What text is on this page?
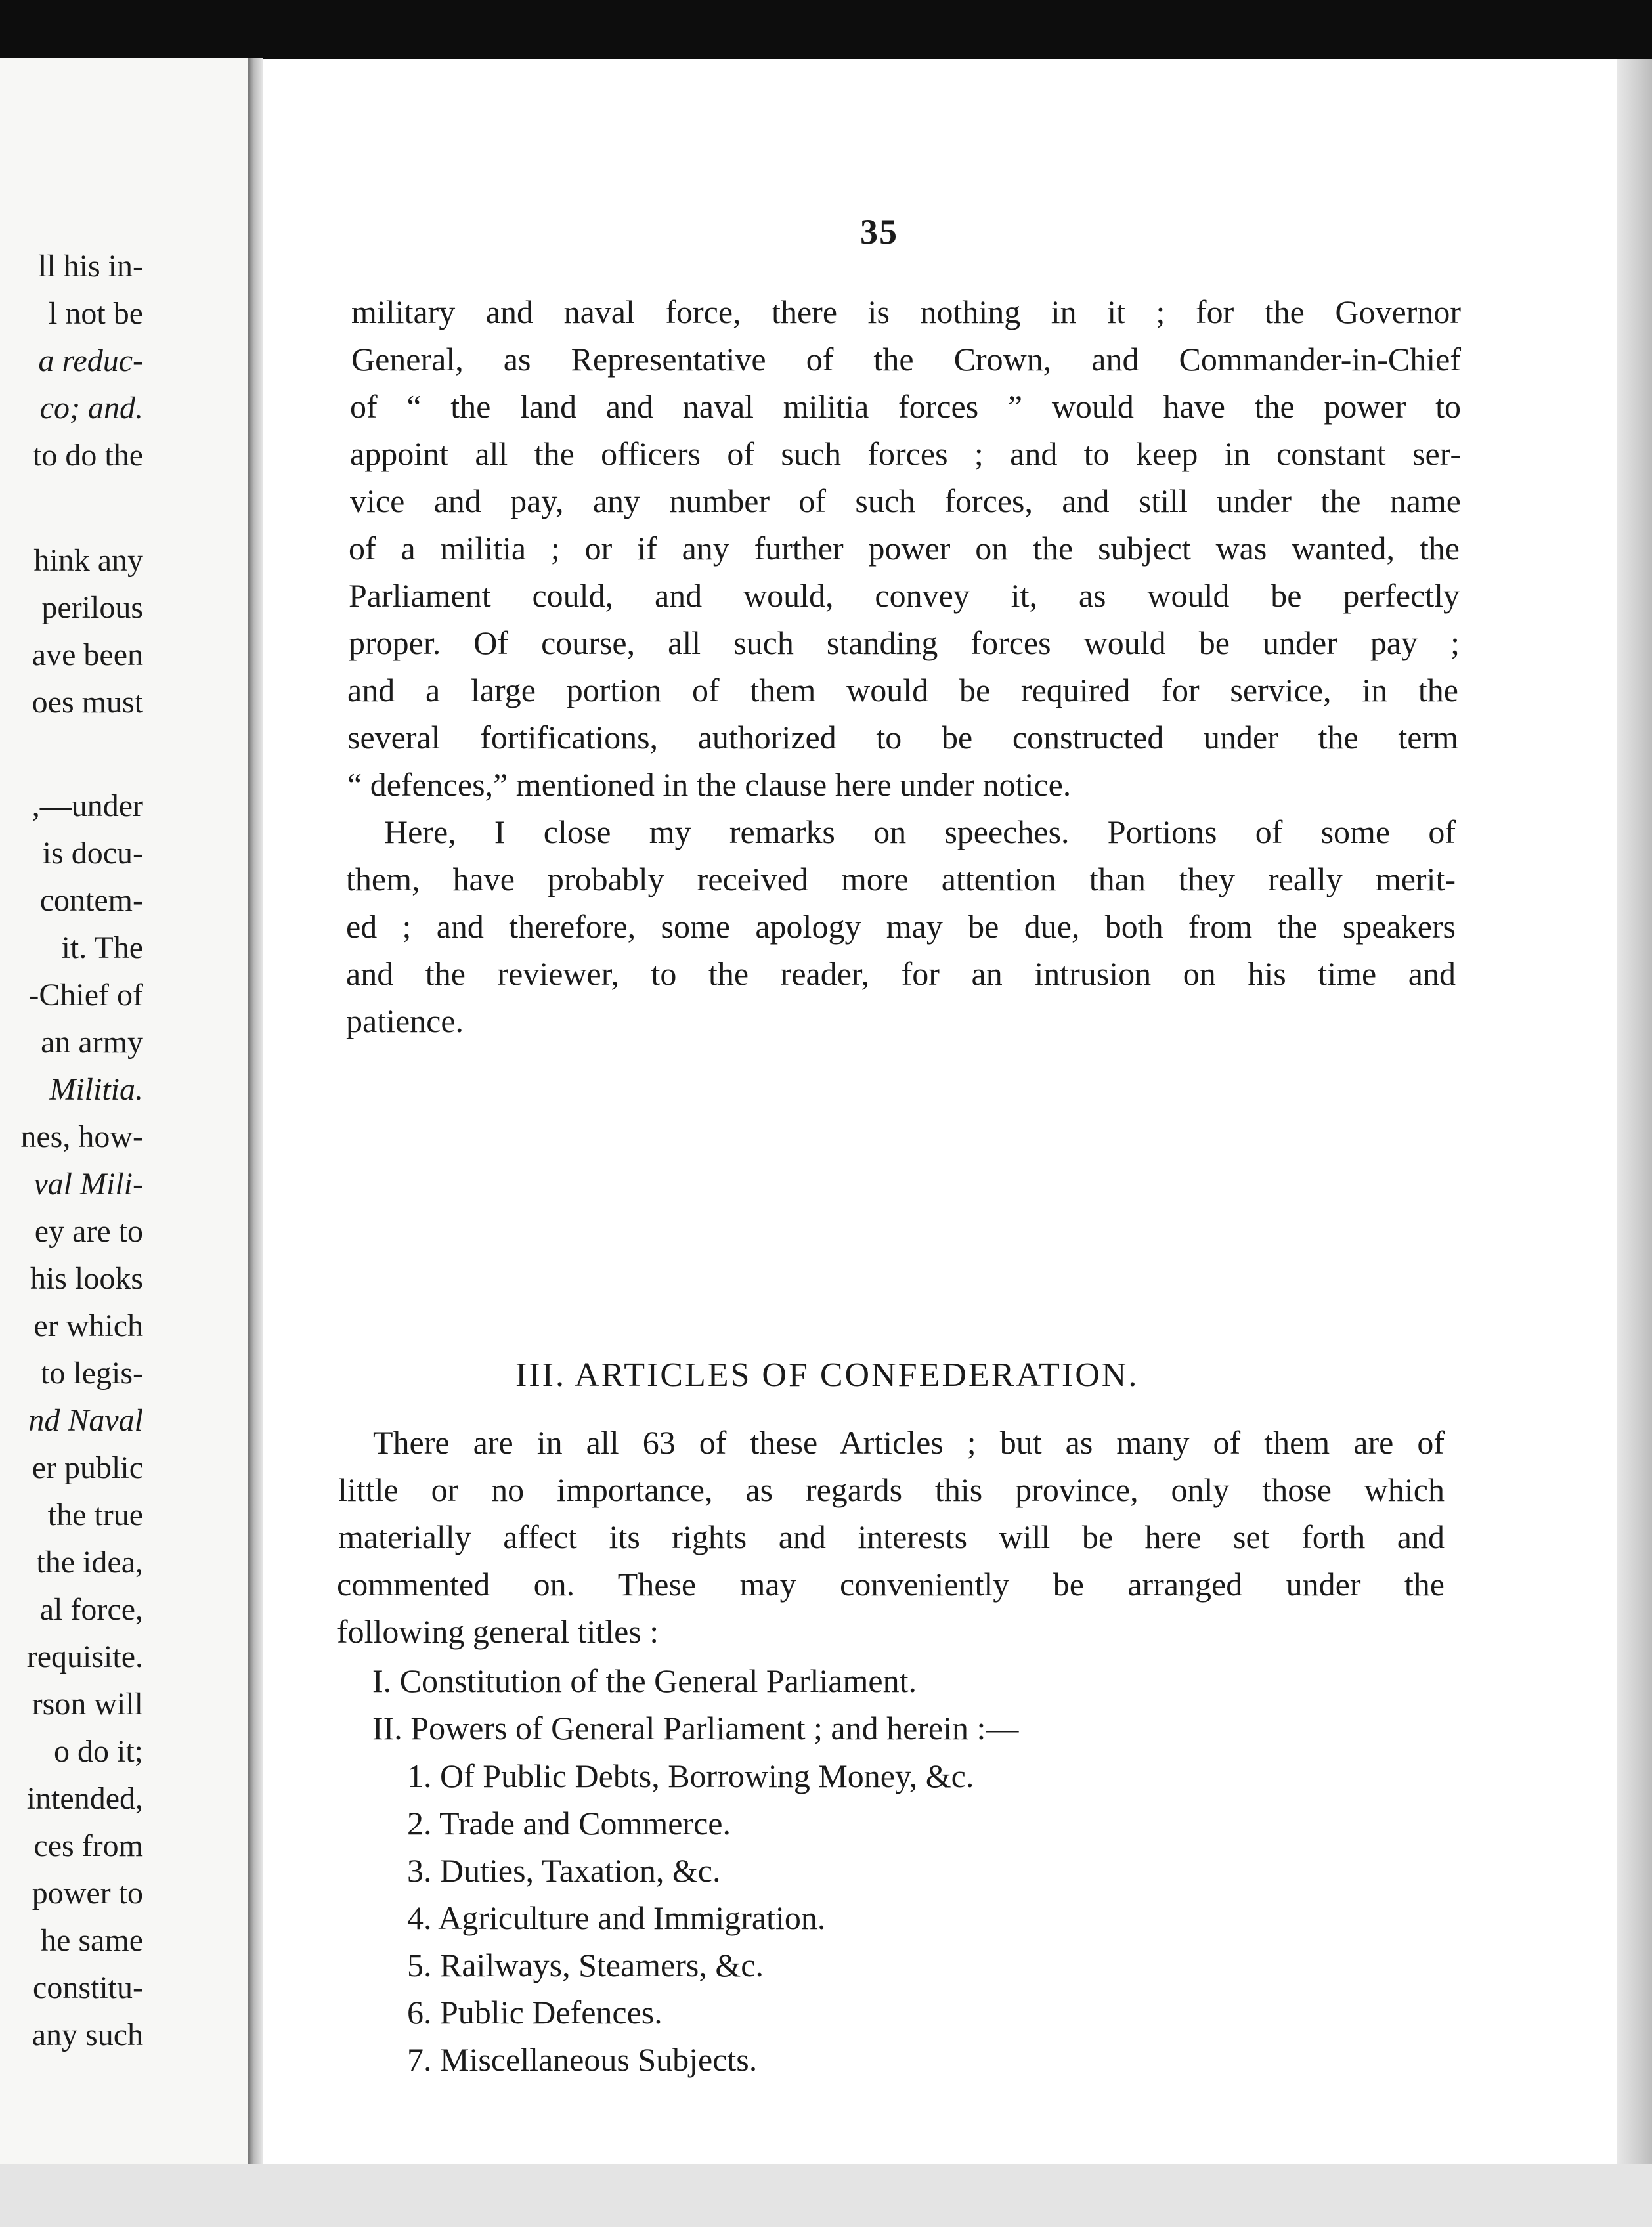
ll his in-
l not be
a reduc-
co; and.
to do the
hink any
perilous
ave been
oes must
,—under
is docu-
contem-
it. The
-Chief of
an army
Militia.
nes, how-
val Mili-
ey are to
his looks
er which
to legis-
nd Naval
er public
the true
the idea,
al force,
requisite.
rson will
o do it;
intended,
ces from
power to
he same
constitu-
any such
35
military and naval force, there is nothing in it ; for the Governor
General, as Representative of the Crown, and Commander-in-Chief
of “ the land and naval militia forces ” would have the power to
appoint all the officers of such forces ; and to keep in constant ser-
vice and pay, any number of such forces, and still under the name
of a militia ; or if any further power on the subject was wanted, the
Parliament could, and would, convey it, as would be perfectly
proper. Of course, all such standing forces would be under pay ;
and a large portion of them would be required for service, in the
several fortifications, authorized to be constructed under the term
“ defences,” mentioned in the clause here under notice.
Here, I close my remarks on speeches. Portions of some of
them, have probably received more attention than they really merit-
ed ; and therefore, some apology may be due, both from the speakers
and the reviewer, to the reader, for an intrusion on his time and
patience.
III. ARTICLES OF CONFEDERATION.
There are in all 63 of these Articles ; but as many of them are of
little or no importance, as regards this province, only those which
materially affect its rights and interests will be here set forth and
commented on. These may conveniently be arranged under the
following general titles :
I. Constitution of the General Parliament.
II. Powers of General Parliament ; and herein :—
1. Of Public Debts, Borrowing Money, &c.
2. Trade and Commerce.
3. Duties, Taxation, &c.
4. Agriculture and Immigration.
5. Railways, Steamers, &c.
6. Public Defences.
7. Miscellaneous Subjects.
